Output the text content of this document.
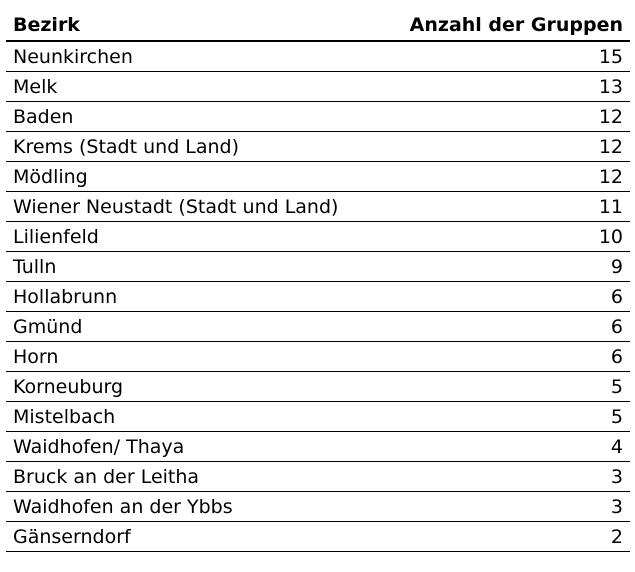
Bezirk	Anzahl der Gruppen
Neunkirchen	15
Melk	13
Baden	12
Krems (Stadt und Land)	12
Mödling	12
Wiener Neustadt (Stadt und Land)	11
Lilienfeld	10
Tulln	9
Hollabrunn	6
Gmünd	6
Horn	6
Korneuburg	5
Mistelbach	5
Waidhofen/ Thaya	4
Bruck an der Leitha	3
Waidhofen an der Ybbs	3
Gänserndorf	2
